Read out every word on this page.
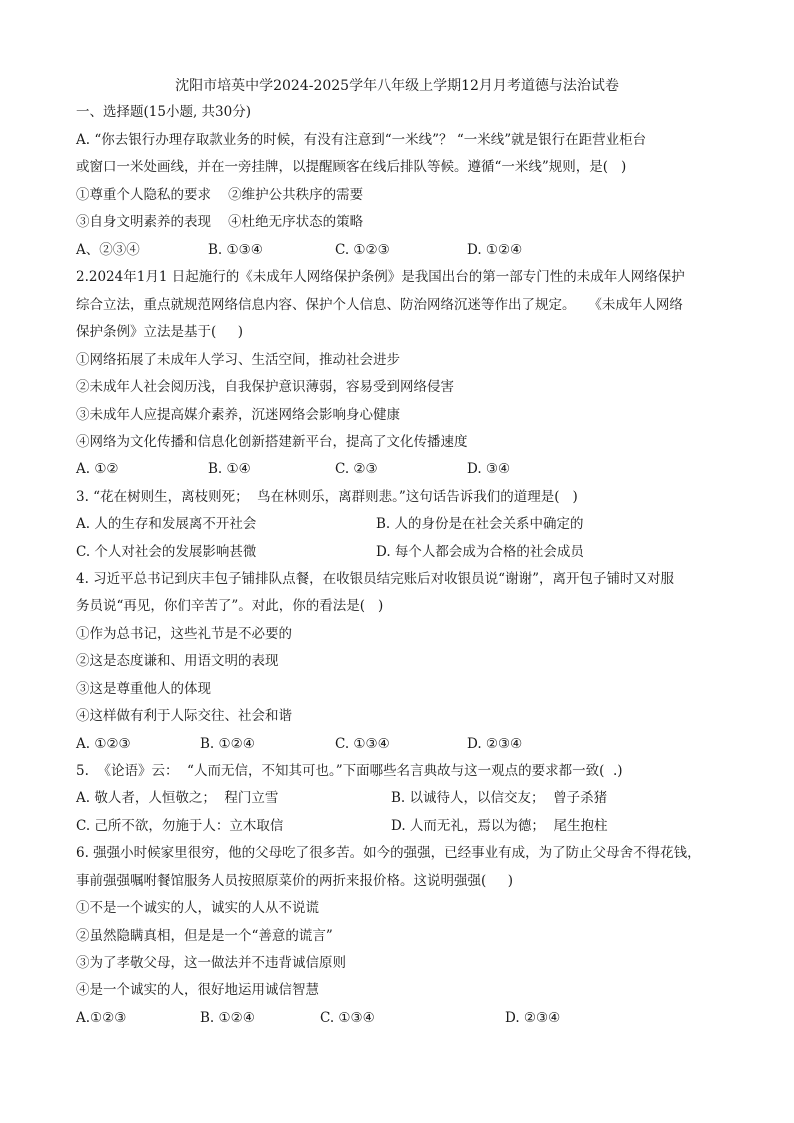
沈阳市培英中学2024-2025学年八年级上学期12月月考道德与法治试卷
一、选择题(15小题, 共30分)
A. “你去银行办理存取款业务的时候，有没有注意到“一米线”？ “一米线”就是银行在距营业柜台
或窗口一米处画线，并在一旁挂牌，以提醒顾客在线后排队等候。遵循“一米线”规则，是(   )
①尊重个人隐私的要求    ②维护公共秩序的需要
③自身文明素养的表现    ④杜绝无序状态的策略
A、②③④	B. ①③④	C. ①②③	D. ①②④
2.2024年1月1 日起施行的《未成年人网络保护条例》是我国出台的第一部专门性的未成年人网络保护
综合立法，重点就规范网络信息内容、保护个人信息、防治网络沉迷等作出了规定。   《未成年人网络
保护条例》立法是基于(     )
①网络拓展了未成年人学习、生活空间，推动社会进步
②未成年人社会阅历浅，自我保护意识薄弱，容易受到网络侵害
③未成年人应提高媒介素养，沉迷网络会影响身心健康
④网络为文化传播和信息化创新搭建新平台，提高了文化传播速度
A. ①②	B. ①④	C. ②③	D. ③④
3. “花在树则生，离枝则死；  鸟在林则乐，离群则悲。”这句话告诉我们的道理是(   )
A. 人的生存和发展离不开社会	B. 人的身份是在社会关系中确定的
C. 个人对社会的发展影响甚微	D. 每个人都会成为合格的社会成员
4. 习近平总书记到庆丰包子铺排队点餐，在收银员结完账后对收银员说“谢谢”，离开包子铺时又对服
务员说“再见，你们辛苦了”。对此，你的看法是(   )
①作为总书记，这些礼节是不必要的
②这是态度谦和、用语文明的表现
③这是尊重他人的体现
④这样做有利于人际交往、社会和谐
A. ①②③	B. ①②④	C. ①③④	D. ②③④
5.  《论语》云：  “人而无信，不知其可也。”下面哪些名言典故与这一观点的要求都一致(  .)
A. 敬人者，人恒敬之；  程门立雪	B. 以诚待人，以信交友；  曾子杀猪
C. 己所不欲，勿施于人：立木取信	D. 人而无礼，焉以为德；  尾生抱柱
6. 强强小时候家里很穷，他的父母吃了很多苦。如今的强强，已经事业有成，为了防止父母舍不得花钱，
事前强强嘱咐餐馆服务人员按照原菜价的两折来报价格。这说明强强(     )
①不是一个诚实的人，诚实的人从不说谎
②虽然隐瞒真相，但是是一个“善意的谎言”
③为了孝敬父母，这一做法并不违背诚信原则
④是一个诚实的人，很好地运用诚信智慧
A.①②③	B. ①②④	C. ①③④	D. ②③④
